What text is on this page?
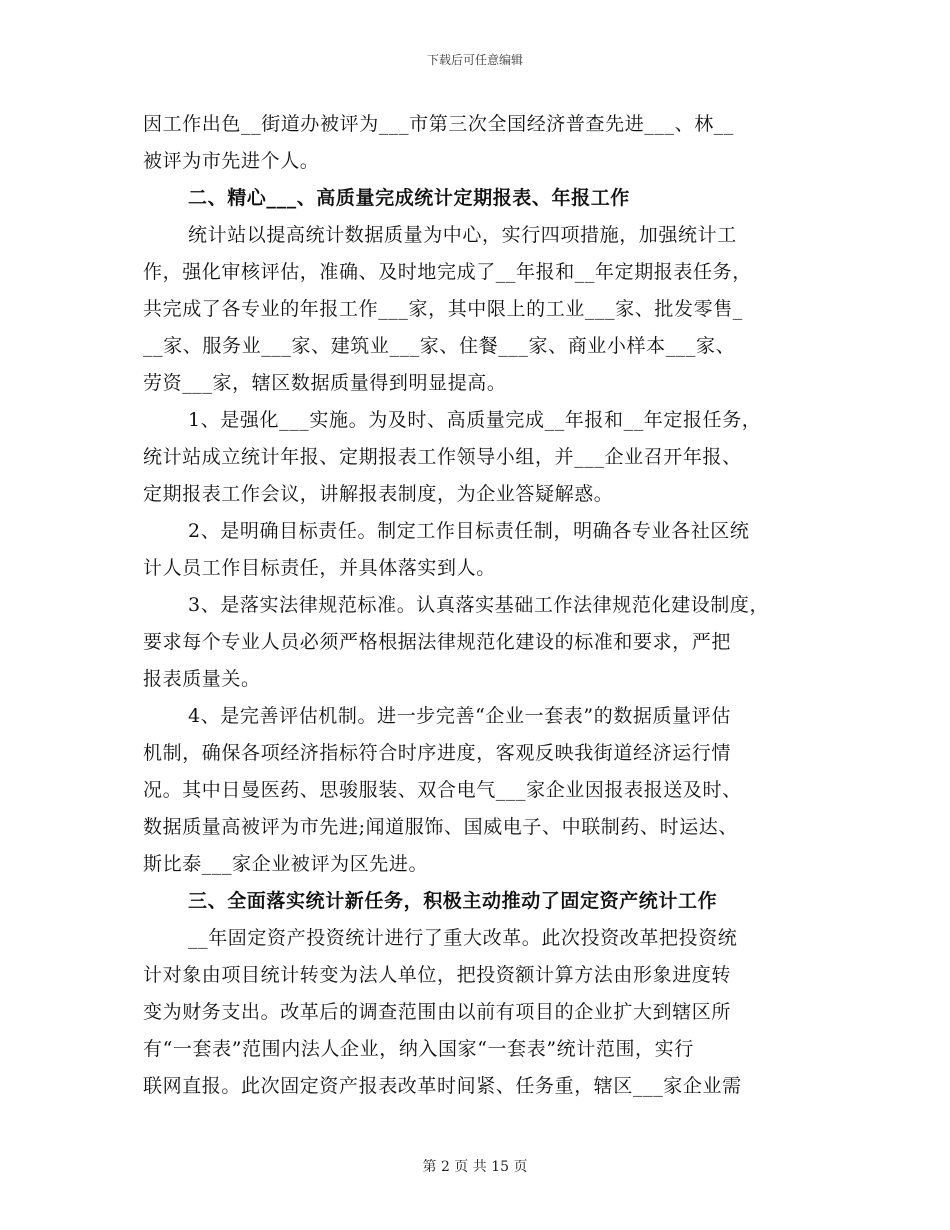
下载后可任意编辑
因工作出色__街道办被评为___市第三次全国经济普查先进___、林__
被评为市先进个人。
二、精心___、高质量完成统计定期报表、年报工作
统计站以提高统计数据质量为中心，实行四项措施，加强统计工
作，强化审核评估，准确、及时地完成了__年报和__年定期报表任务，
共完成了各专业的年报工作___家，其中限上的工业___家、批发零售_
__家、服务业___家、建筑业___家、住餐___家、商业小样本___家、
劳资___家，辖区数据质量得到明显提高。
1、是强化___实施。为及时、高质量完成__年报和__年定报任务，
统计站成立统计年报、定期报表工作领导小组，并___企业召开年报、
定期报表工作会议，讲解报表制度，为企业答疑解惑。
2、是明确目标责任。制定工作目标责任制，明确各专业各社区统
计人员工作目标责任，并具体落实到人。
3、是落实法律规范标准。认真落实基础工作法律规范化建设制度，
要求每个专业人员必须严格根据法律规范化建设的标准和要求，严把
报表质量关。
4、是完善评估机制。进一步完善“企业一套表”的数据质量评估
机制，确保各项经济指标符合时序进度，客观反映我街道经济运行情
况。其中日曼医药、思骏服装、双合电气___家企业因报表报送及时、
数据质量高被评为市先进;闻道服饰、国威电子、中联制药、时运达、
斯比泰___家企业被评为区先进。
三、全面落实统计新任务，积极主动推动了固定资产统计工作
__年固定资产投资统计进行了重大改革。此次投资改革把投资统
计对象由项目统计转变为法人单位，把投资额计算方法由形象进度转
变为财务支出。改革后的调查范围由以前有项目的企业扩大到辖区所
有“一套表”范围内法人企业，纳入国家“一套表”统计范围，实行
联网直报。此次固定资产报表改革时间紧、任务重，辖区___家企业需
第 2 页 共 15 页
